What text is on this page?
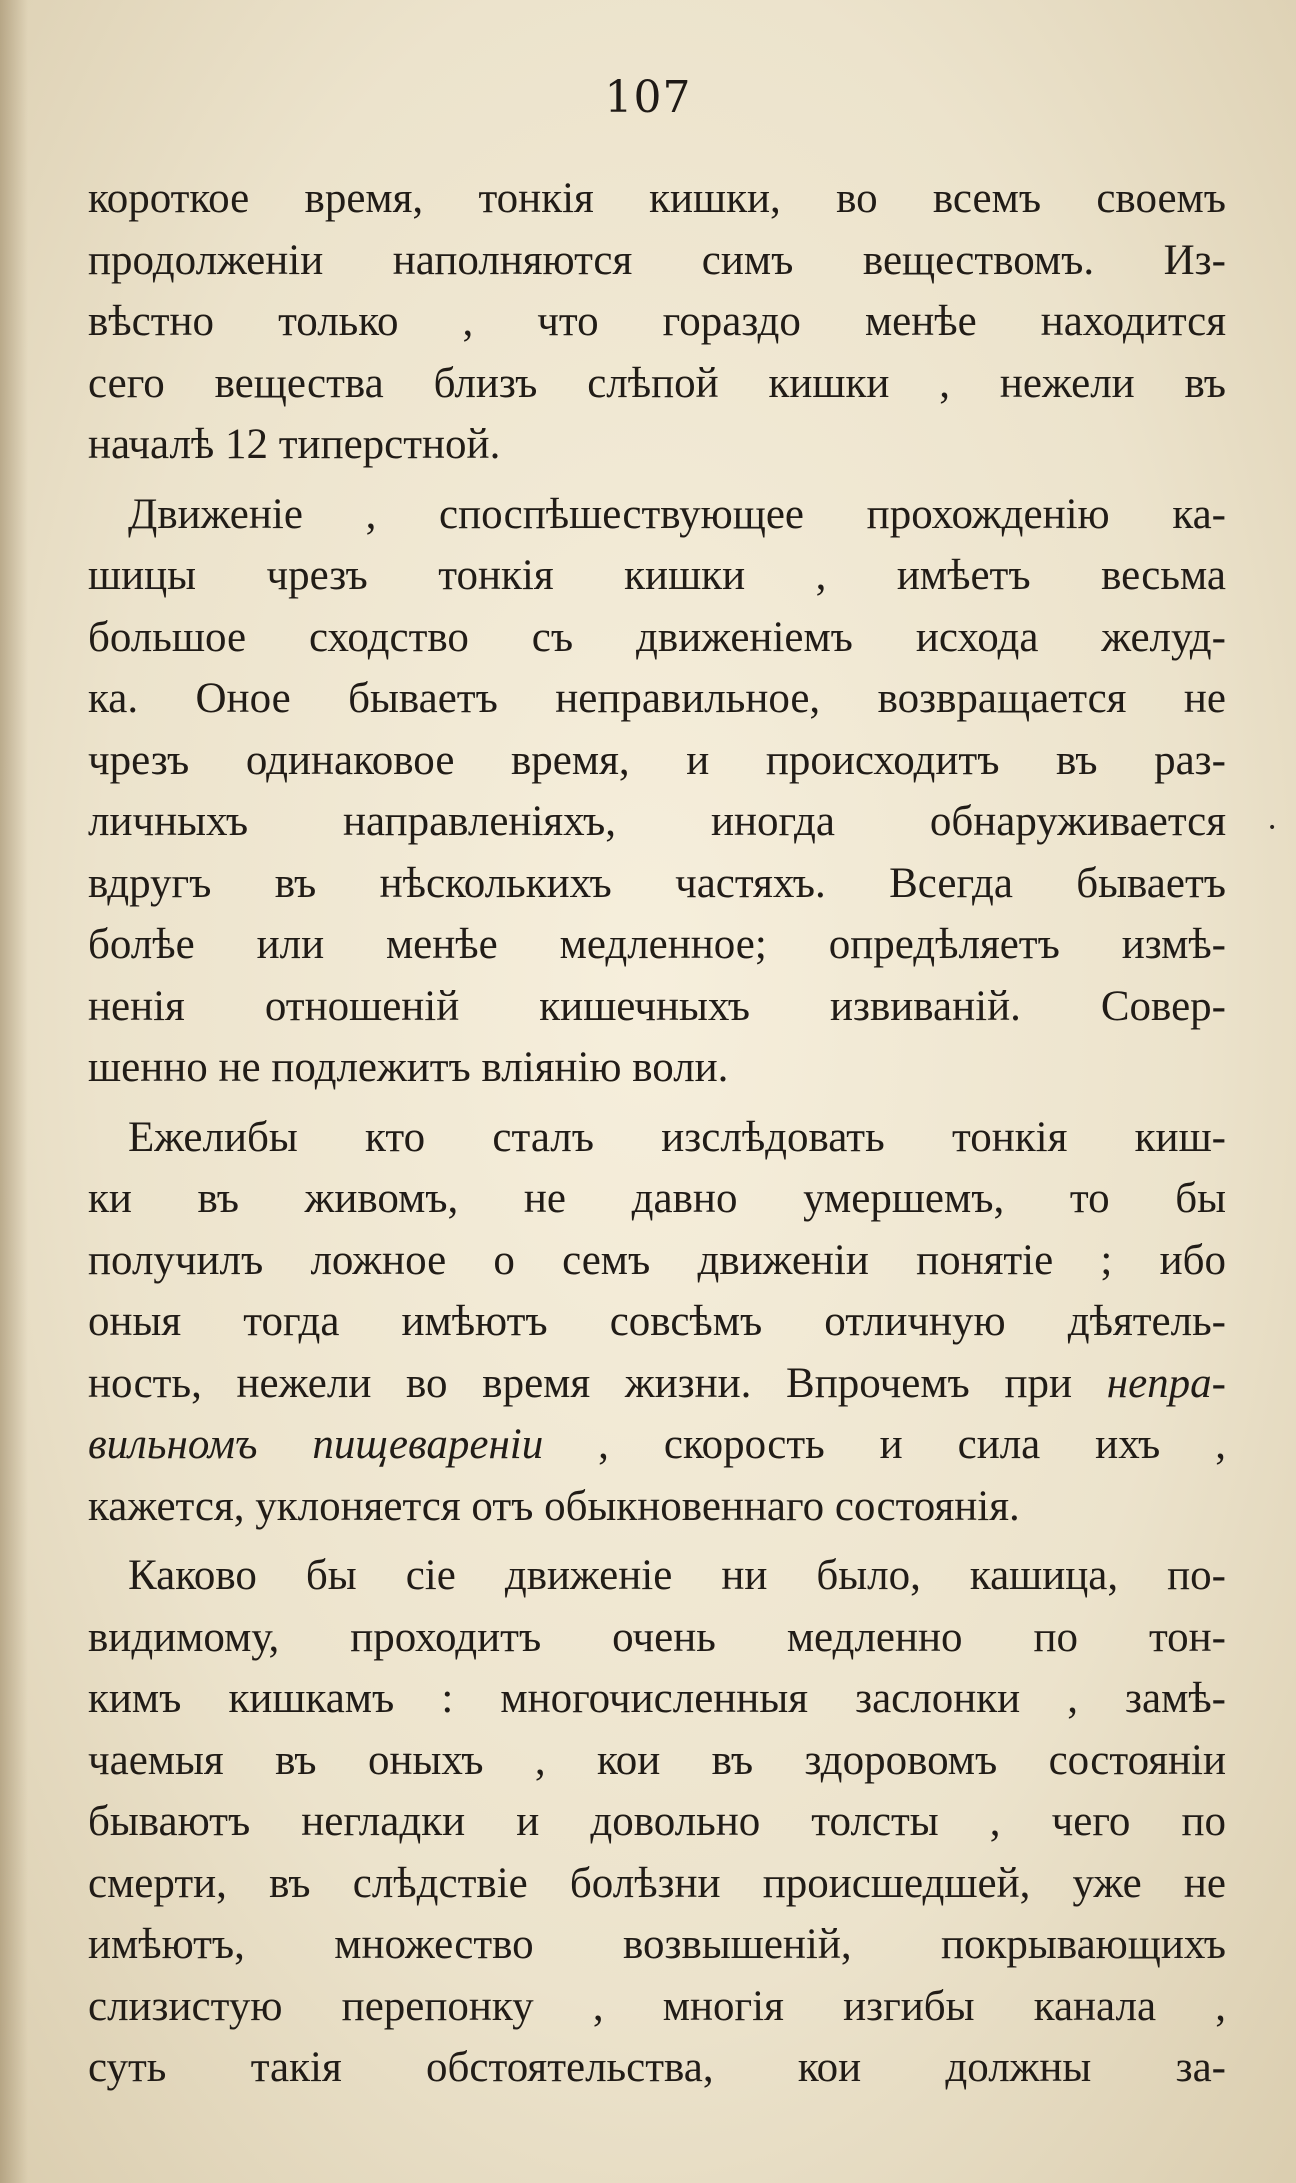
107
короткое время, тонкія кишки, во всемъ своемъ
продолженіи наполняются симъ веществомъ. Из-
вѣстно только , что гораздо менѣе находится
сего вещества близъ слѣпой кишки , нежели въ
началѣ 12 типерстной.
Движеніе , споспѣшествующее прохожденію ка-
шицы чрезъ тонкія кишки , имѣетъ весьма
большое сходство съ движеніемъ исхода желуд-
ка. Оное бываетъ неправильное, возвращается не
чрезъ одинаковое время, и происходитъ въ раз-
личныхъ направленіяхъ, иногда обнаруживается
вдругъ въ нѣсколькихъ частяхъ. Всегда бываетъ
болѣе или менѣе медленное; опредѣляетъ измѣ-
ненія отношеній кишечныхъ извиваній. Совер-
шенно не подлежитъ вліянію воли.
Ежелибы кто сталъ изслѣдовать тонкія киш-
ки въ живомъ, не давно умершемъ, то бы
получилъ ложное о семъ движеніи понятіе ; ибо
оныя тогда имѣютъ совсѣмъ отличную дѣятель-
ность, нежели во время жизни. Впрочемъ при непра-
вильномъ пищевареніи , скорость и сила ихъ ,
кажется, уклоняется отъ обыкновеннаго состоянія.
Каково бы сіе движеніе ни было, кашица, по-
видимому, проходитъ очень медленно по тон-
кимъ кишкамъ : многочисленныя заслонки , замѣ-
чаемыя въ оныхъ , кои въ здоровомъ состояніи
бываютъ негладки и довольно толсты , чего по
смерти, въ слѣдствіе болѣзни происшедшей, уже не
имѣютъ, множество возвышеній, покрывающихъ
слизистую перепонку , многія изгибы канала ,
суть такія обстоятельства, кои должны за-
•
